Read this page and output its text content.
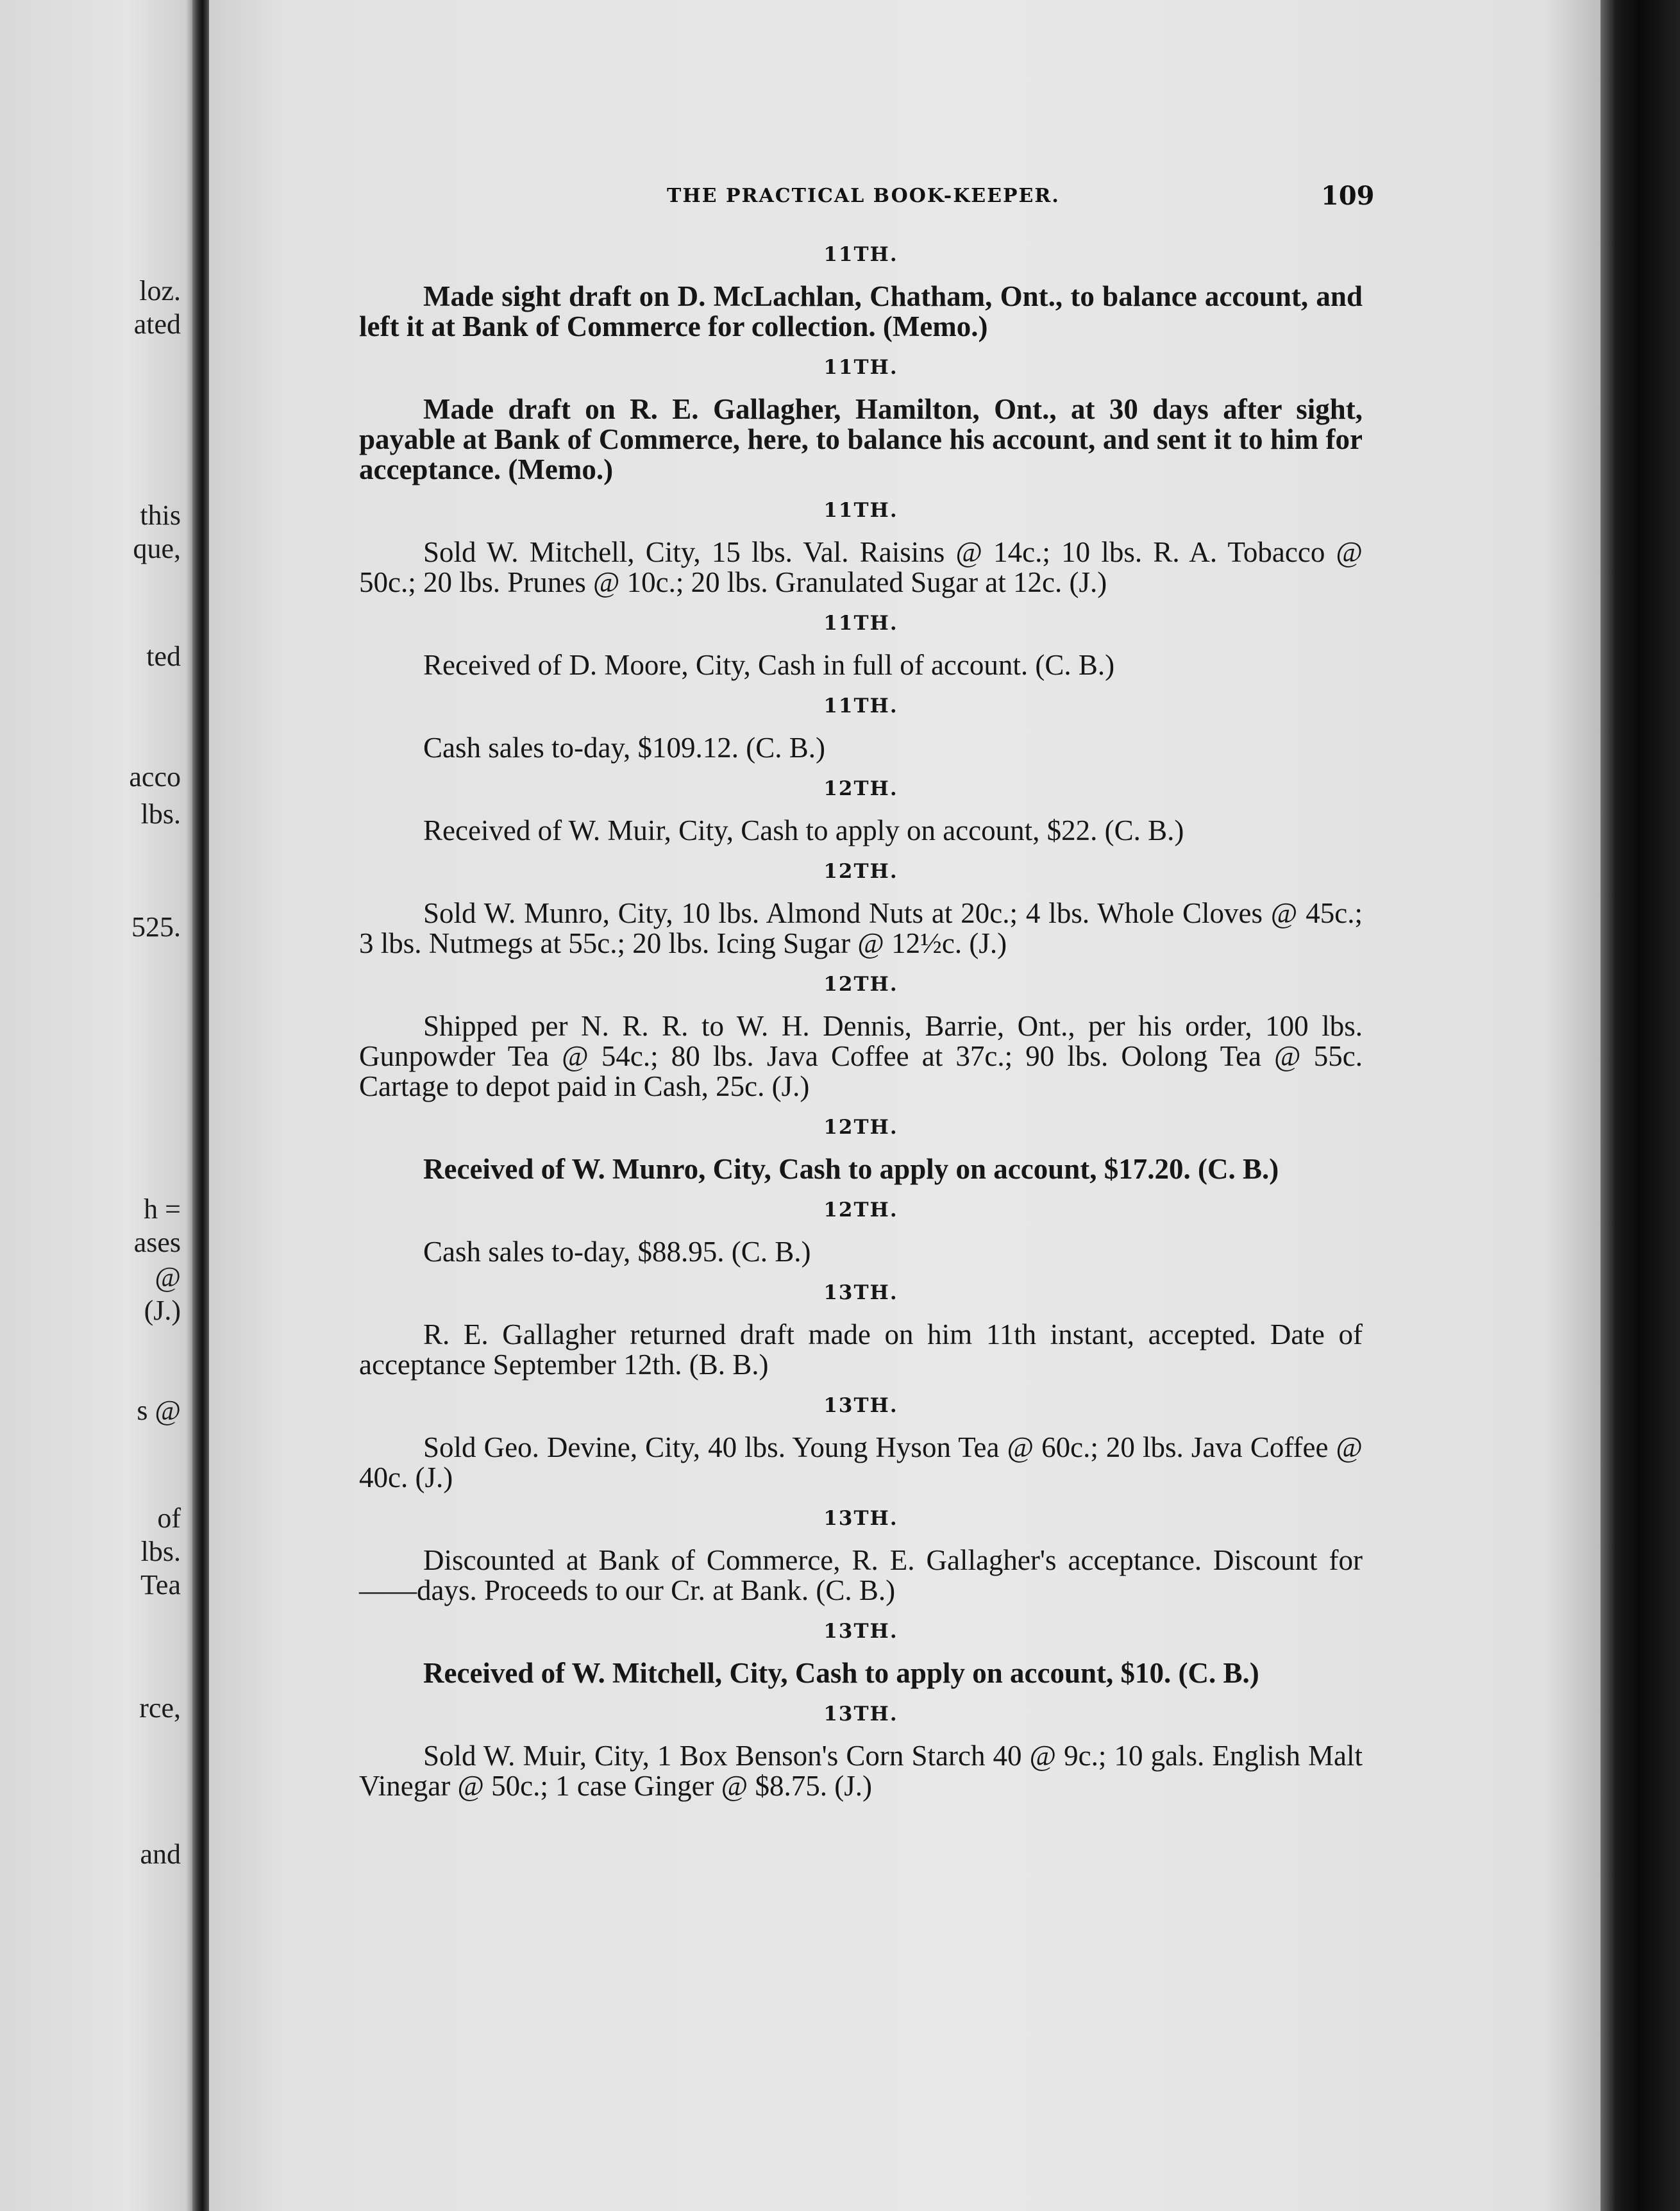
loz.
ated
this
que,
ted
acco
lbs.
525.
h =
ases
@
(J.)
s @
of
lbs.
Tea
rce,
and
THE PRACTICAL BOOK-KEEPER.	109
11TH.

Made sight draft on D. McLachlan, Chatham, Ont., to balance account, and left it at Bank of Commerce for collection. (Memo.)

11TH.

Made draft on R. E. Gallagher, Hamilton, Ont., at 30 days after sight, payable at Bank of Commerce, here, to balance his account, and sent it to him for acceptance. (Memo.)

11TH.

Sold W. Mitchell, City, 15 lbs. Val. Raisins @ 14c.; 10 lbs. R. A. Tobacco @ 50c.; 20 lbs. Prunes @ 10c.; 20 lbs. Granulated Sugar at 12c. (J.)

11TH.

Received of D. Moore, City, Cash in full of account. (C. B.)

11TH.

Cash sales to-day, $109.12. (C. B.)

12TH.

Received of W. Muir, City, Cash to apply on account, $22. (C. B.)

12TH.

Sold W. Munro, City, 10 lbs. Almond Nuts at 20c.; 4 lbs. Whole Cloves @ 45c.; 3 lbs. Nutmegs at 55c.; 20 lbs. Icing Sugar @ 12½c. (J.)

12TH.

Shipped per N. R. R. to W. H. Dennis, Barrie, Ont., per his order, 100 lbs. Gunpowder Tea @ 54c.; 80 lbs. Java Coffee at 37c.; 90 lbs. Oolong Tea @ 55c. Cartage to depot paid in Cash, 25c. (J.)

12TH.

Received of W. Munro, City, Cash to apply on account, $17.20. (C. B.)

12TH.

Cash sales to-day, $88.95. (C. B.)

13TH.

R. E. Gallagher returned draft made on him 11th instant, accepted. Date of acceptance September 12th. (B. B.)

13TH.

Sold Geo. Devine, City, 40 lbs. Young Hyson Tea @ 60c.; 20 lbs. Java Coffee @ 40c. (J.)

13TH.

Discounted at Bank of Commerce, R. E. Gallagher's acceptance. Discount for ——days. Proceeds to our Cr. at Bank. (C. B.)

13TH.

Received of W. Mitchell, City, Cash to apply on account, $10. (C. B.)

13TH.

Sold W. Muir, City, 1 Box Benson's Corn Starch 40 @ 9c.; 10 gals. English Malt Vinegar @ 50c.; 1 case Ginger @ $8.75. (J.)
